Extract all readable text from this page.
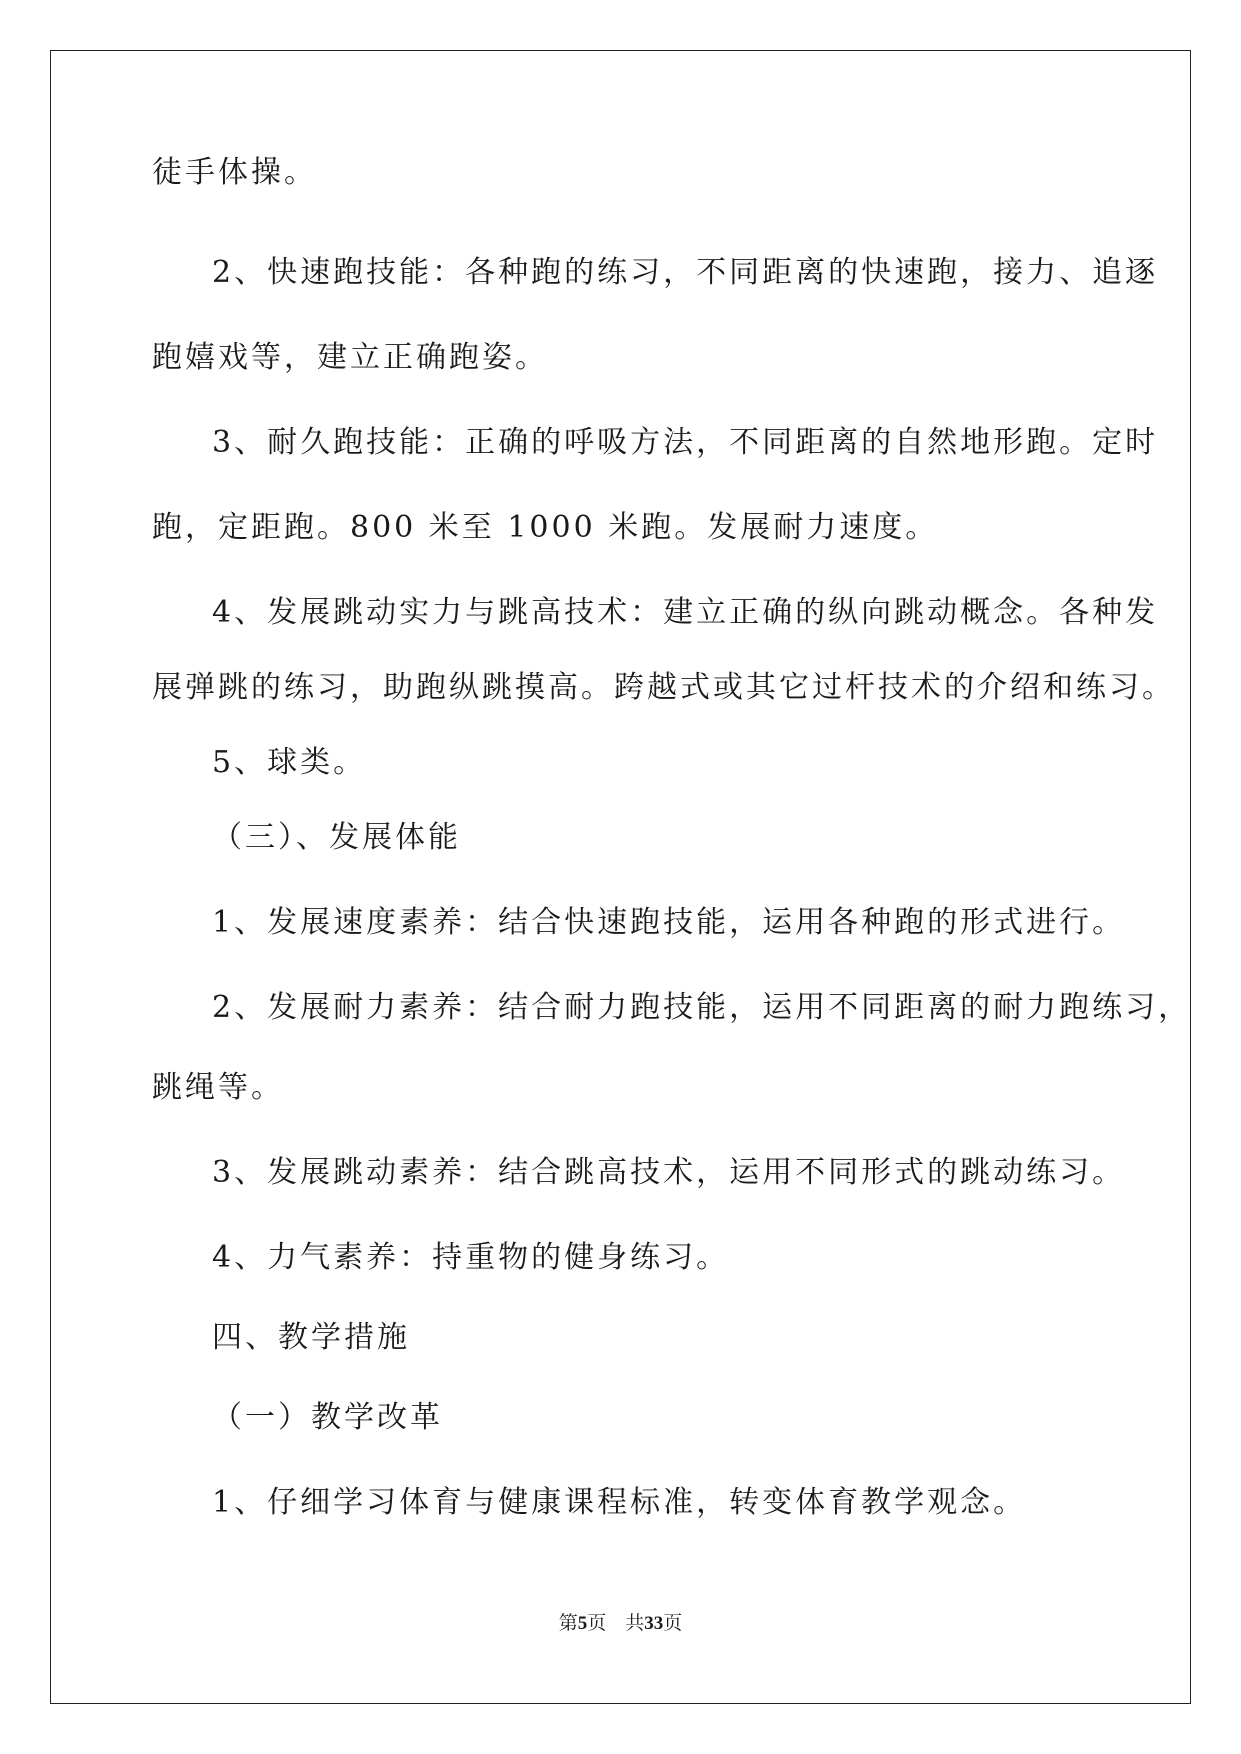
徒手体操。
2、快速跑技能：各种跑的练习，不同距离的快速跑，接力、追逐
跑嬉戏等，建立正确跑姿。
3、耐久跑技能：正确的呼吸方法，不同距离的自然地形跑。定时
跑，定距跑。800 米至 1000 米跑。发展耐力速度。
4、发展跳动实力与跳高技术：建立正确的纵向跳动概念。各种发
展弹跳的练习，助跑纵跳摸高。跨越式或其它过杆技术的介绍和练习。
5、球类。
（三）、发展体能
1、发展速度素养：结合快速跑技能，运用各种跑的形式进行。
2、发展耐力素养：结合耐力跑技能，运用不同距离的耐力跑练习，
跳绳等。
3、发展跳动素养：结合跳高技术，运用不同形式的跳动练习。
4、力气素养：持重物的健身练习。
四、教学措施
（一）教学改革
1、仔细学习体育与健康课程标准，转变体育教学观念。
第5页 共33页
